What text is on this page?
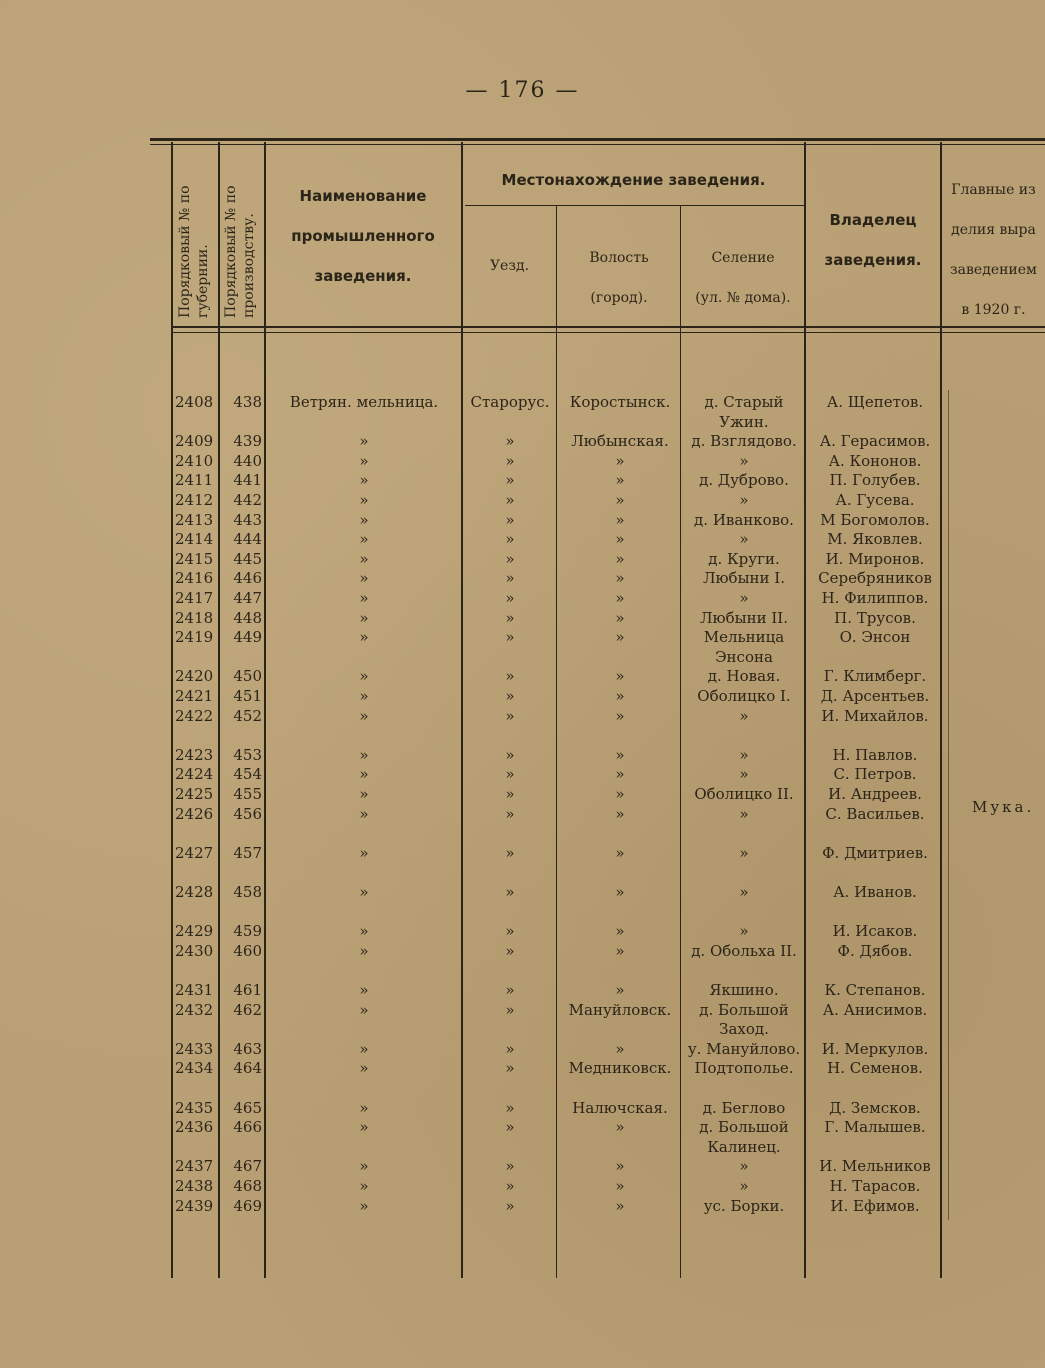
— 176 —
Порядковый № по губернии. Порядковый № по производству.
Наименование
промышленного
заведения.
Местонахождение заведения.
Уезд.	Волость
(город).
Селение
(ул. № дома).
Владелец
заведения.
Главные из
делия выра
заведением
в 1920 г.
Мука.
2408	438	Ветрян. мельница.	Старорус.	Коростынск.	д. Старый	А. Щепетов.
Ужин.
2409	439	»	»	Любынская.	д. Взглядово.	А. Герасимов.
2410	440	»	»	»	»	А. Кононов.
2411	441	»	»	»	д. Дуброво.	П. Голубев.
2412	442	»	»	»	»	А. Гусева.
2413	443	»	»	»	д. Иванково.	М Богомолов.
2414	444	»	»	»	»	М. Яковлев.
2415	445	»	»	»	д. Круги.	И. Миронов.
2416	446	»	»	»	Любыни I.	Серебряников
2417	447	»	»	»	»	Н. Филиппов.
2418	448	»	»	»	Любыни II.	П. Трусов.
2419	449	»	»	»	Мельница	О. Энсон
Энсона
2420	450	»	»	»	д. Новая.	Г. Климберг.
2421	451	»	»	»	Оболицко I.	Д. Арсентьев.
2422	452	»	»	»	»	И. Михайлов.
2423	453	»	»	»	»	Н. Павлов.
2424	454	»	»	»	»	С. Петров.
2425	455	»	»	»	Оболицко II.	И. Андреев.
2426	456	»	»	»	»	С. Васильев.
2427	457	»	»	»	»	Ф. Дмитриев.
2428	458	»	»	»	»	А. Иванов.
2429	459	»	»	»	»	И. Исаков.
2430	460	»	»	»	д. Обольха II.	Ф. Дябов.
2431	461	»	»	»	Якшино.	К. Степанов.
2432	462	»	»	Мануйловск.	д. Большой	А. Анисимов.
Заход.
2433	463	»	»	»	у. Мануйлово.	И. Меркулов.
2434	464	»	»	Медниковск.	Подтополье.	Н. Семенов.
2435	465	»	»	Налючская.	д. Беглово	Д. Земсков.
2436	466	»	»	»	д. Большой	Г. Малышев.
Калинец.
2437	467	»	»	»	»	И. Мельников
2438	468	»	»	»	»	Н. Тарасов.
2439	469	»	»	»	ус. Борки.	И. Ефимов.
